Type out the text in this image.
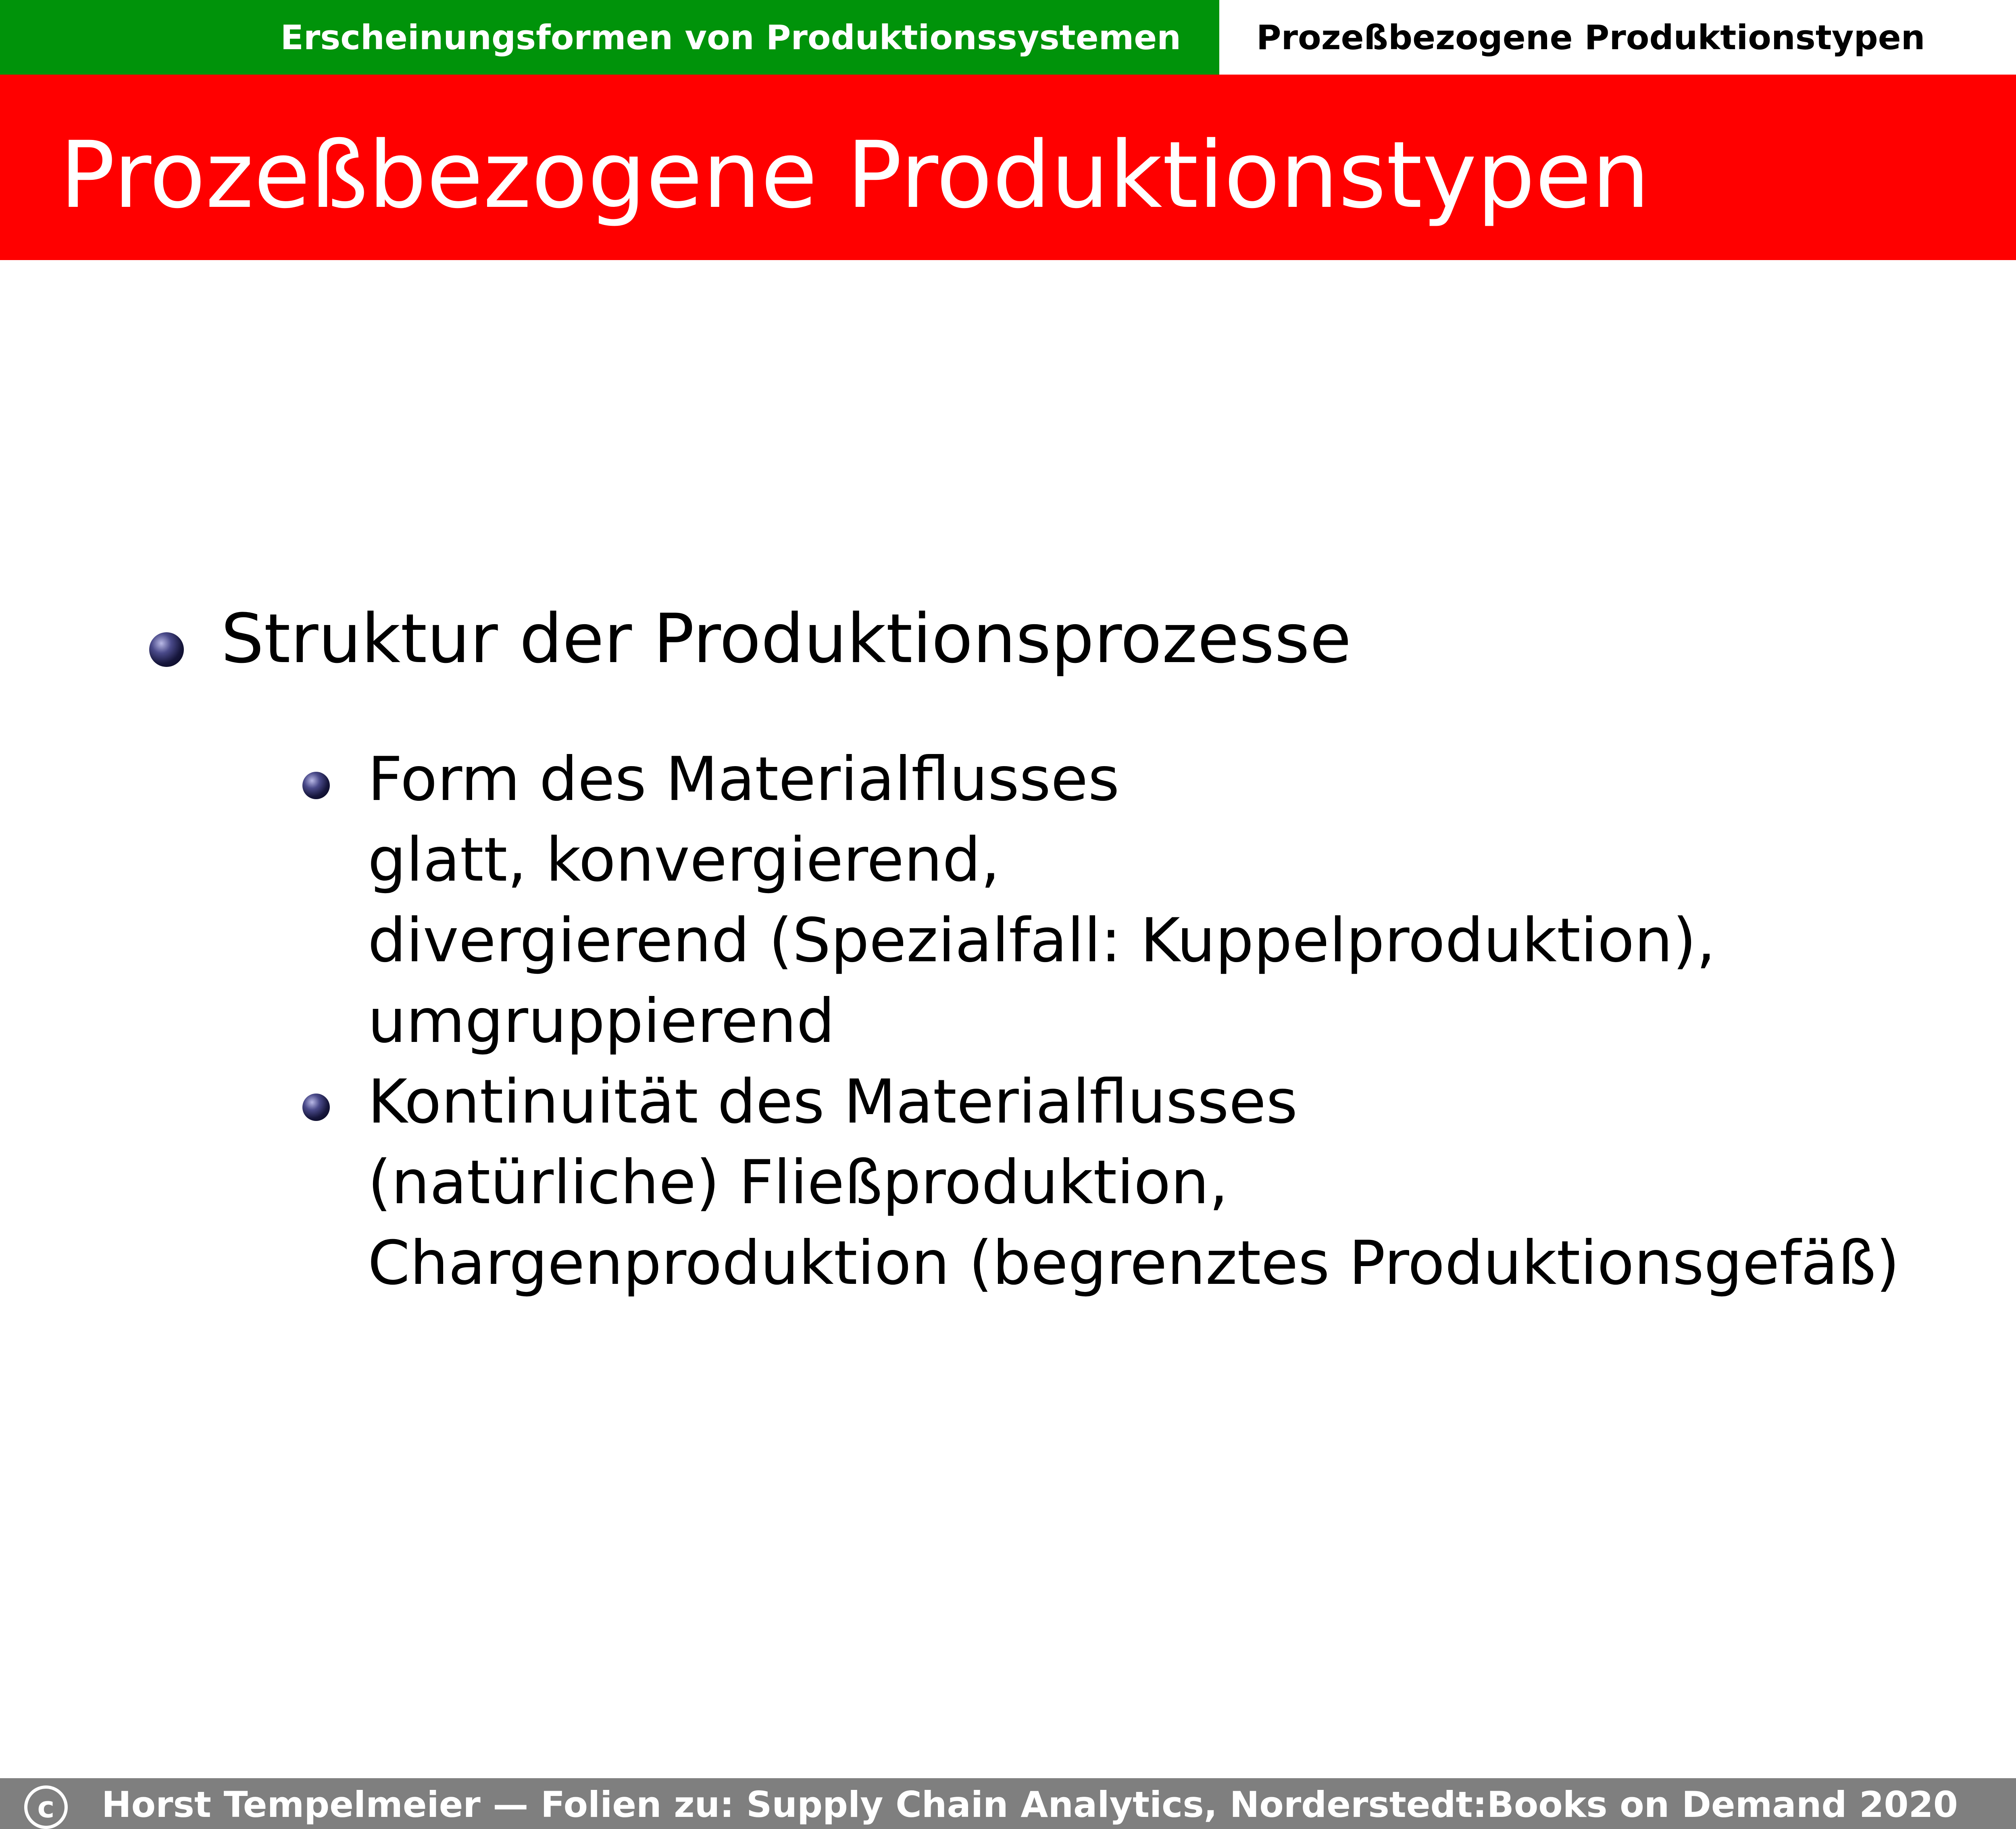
Erscheinungsformen von Produktionssystemen Prozeßbezogene Produktionstypen
Prozeßbezogene Produktionstypen
Struktur der Produktionsprozesse
Form des Materialflusses
glatt, konvergierend,
divergierend (Spezialfall: Kuppelproduktion),
umgruppierend
Kontinuität des Materialflusses
(natürliche) Fließproduktion,
Chargenproduktion (begrenztes Produktionsgefäß)
c Horst Tempelmeier — Folien zu: Supply Chain Analytics, Norderstedt:Books on Demand 2020
